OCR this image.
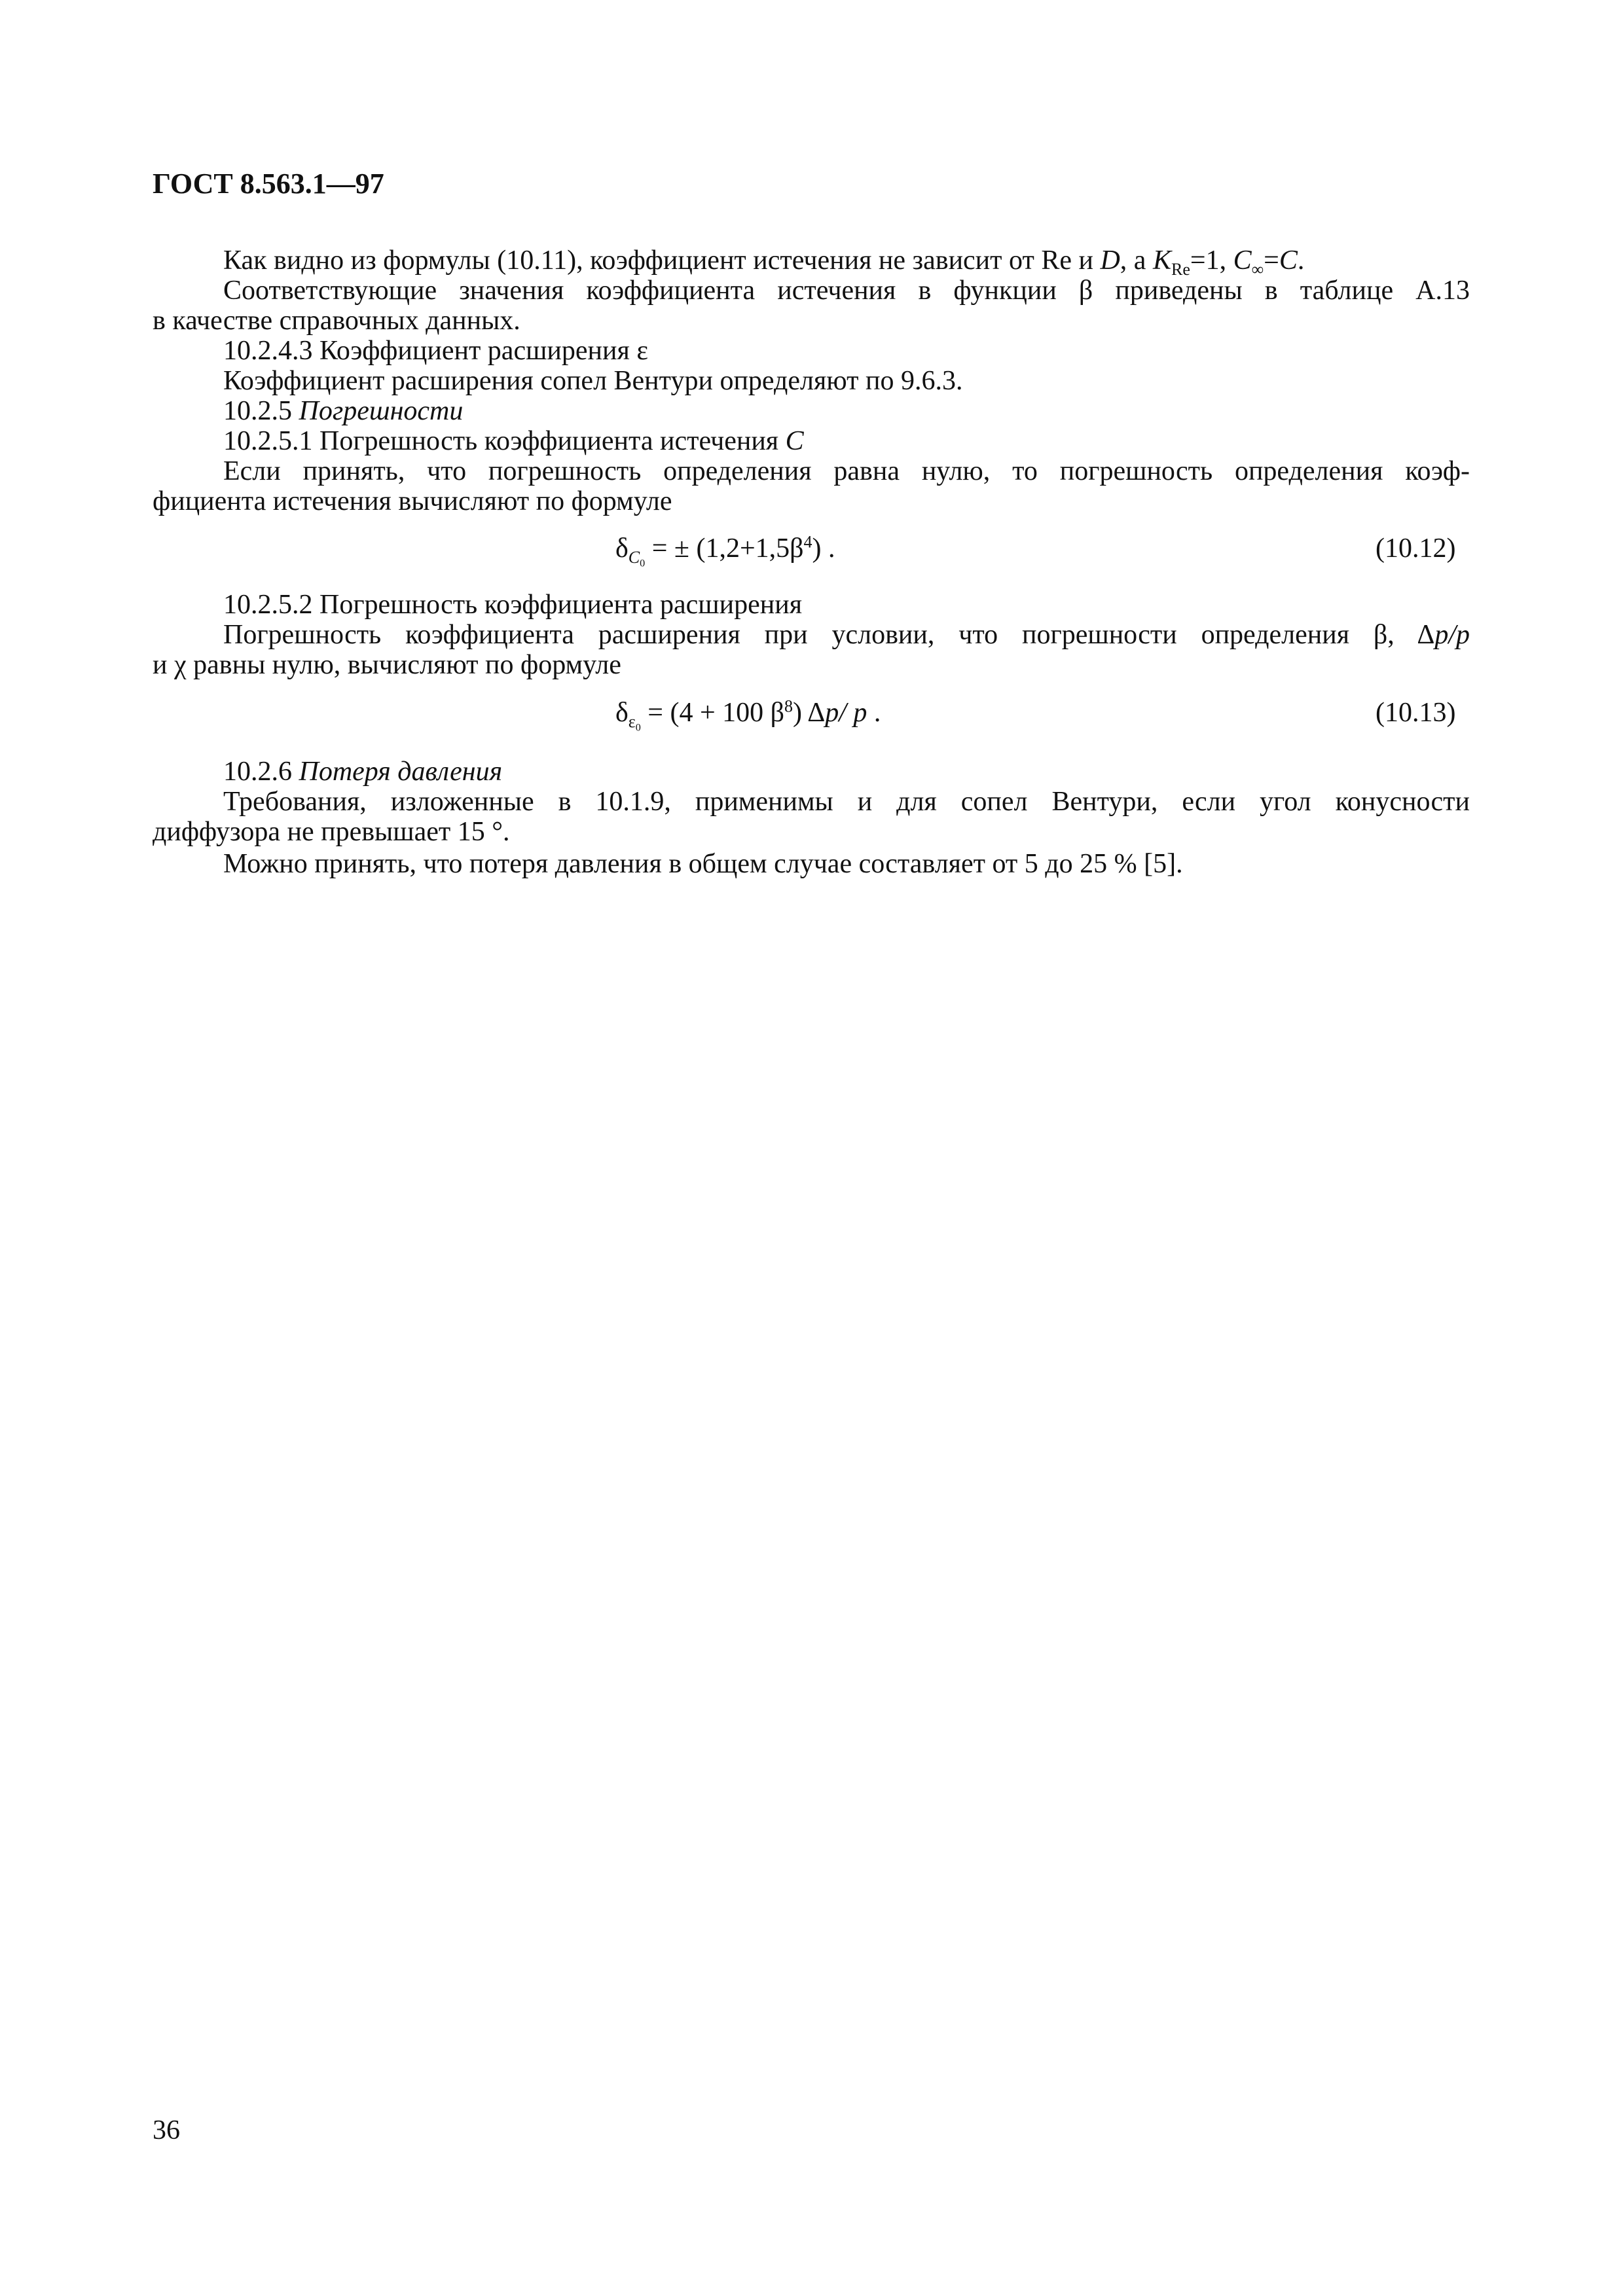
ГОСТ 8.563.1—97
Как видно из формулы (10.11), коэффициент истечения не зависит от Re и D, а $K_{Re}=1$, $C_\infty=C$.
Соответствующие значения коэффициента истечения в функции β приведены в таблице А.13
в качестве справочных данных.
10.2.4.3 Коэффициент расширения ε
Коэффициент расширения сопел Вентури определяют по 9.6.3.
10.2.5 Погрешности
10.2.5.1 Погрешность коэффициента истечения C
Если принять, что погрешность определения равна нулю, то погрешность определения коэф-
фициента истечения вычисляют по формуле
$\delta_{C_0}$ = ± $(1,2+1,5\beta^4)$ .	(10.12)
10.2.5.2 Погрешность коэффициента расширения
Погрешность коэффициента расширения при условии, что погрешности определения β, Δp/p
и χ равны нулю, вычисляют по формуле
$\delta_{\varepsilon_0} = (4 + 100$ $\beta^8$) Δp/ p .	(10.13)
10.2.6 Потеря давления
Требования, изложенные в 10.1.9, применимы и для сопел Вентури, если угол конусности
диффузора не превышает 15 °.
Можно принять, что потеря давления в общем случае составляет от 5 до 25 % [5].
36
